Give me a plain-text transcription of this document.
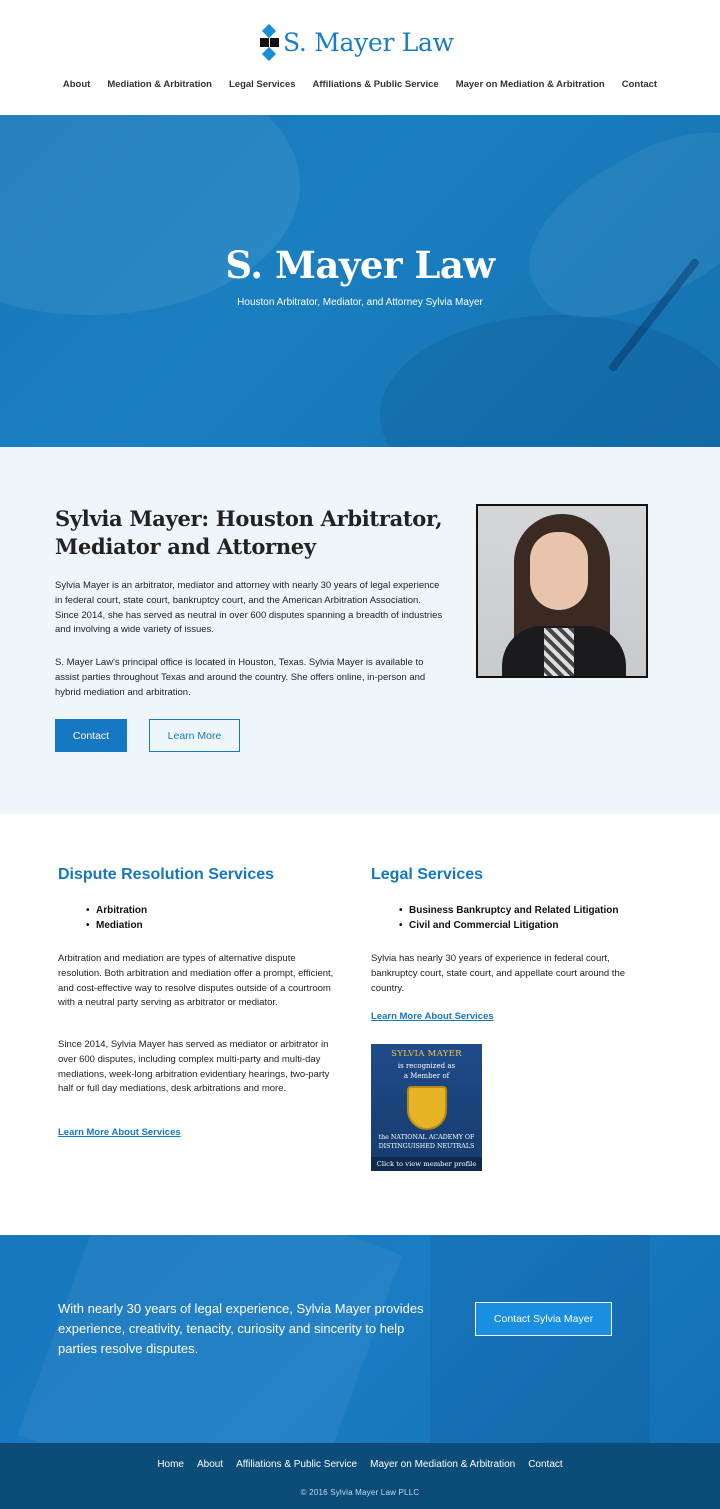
S. Mayer Law
About	Mediation & Arbitration	Legal Services	Affiliations & Public Service	Mayer on Mediation & Arbitration	Contact
S. Mayer Law

Houston Arbitrator, Mediator, and Attorney Sylvia Mayer

Sylvia Mayer: Houston Arbitrator, Mediator and Attorney

Sylvia Mayer is an arbitrator, mediator and attorney with nearly 30 years of legal experience in federal court, state court, bankruptcy court, and the American Arbitration Association. Since 2014, she has served as neutral in over 600 disputes spanning a breadth of industries and involving a wide variety of issues.

S. Mayer Law's principal office is located in Houston, Texas. Sylvia Mayer is available to assist parties throughout Texas and around the country. She offers online, in-person and hybrid mediation and arbitration.

Contact	Learn More
Dispute Resolution Services
• Arbitration
• Mediation

Arbitration and mediation are types of alternative dispute resolution. Both arbitration and mediation offer a prompt, efficient, and cost-effective way to resolve disputes outside of a courtroom with a neutral party serving as arbitrator or mediator.

Since 2014, Sylvia Mayer has served as mediator or arbitrator in over 600 disputes, including complex multi-party and multi-day mediations, week-long arbitration evidentiary hearings, two-party half or full day mediations, desk arbitrations and more.

Learn More About Services
Legal Services
• Business Bankruptcy and Related Litigation
• Civil and Commercial Litigation

Sylvia has nearly 30 years of experience in federal court, bankruptcy court, state court, and appellate court around the country.

Learn More About Services
SYLVIA MAYER
is recognized as
a Member of
the NATIONAL ACADEMY OF
DISTINGUISHED NEUTRALS
Click to view member profile

With nearly 30 years of legal experience, Sylvia Mayer provides experience, creativity, tenacity, curiosity and sincerity to help parties resolve disputes.

Contact Sylvia Mayer
Home	About	Affiliations & Public Service	Mayer on Mediation & Arbitration	Contact
© 2016 Sylvia Mayer Law PLLC
